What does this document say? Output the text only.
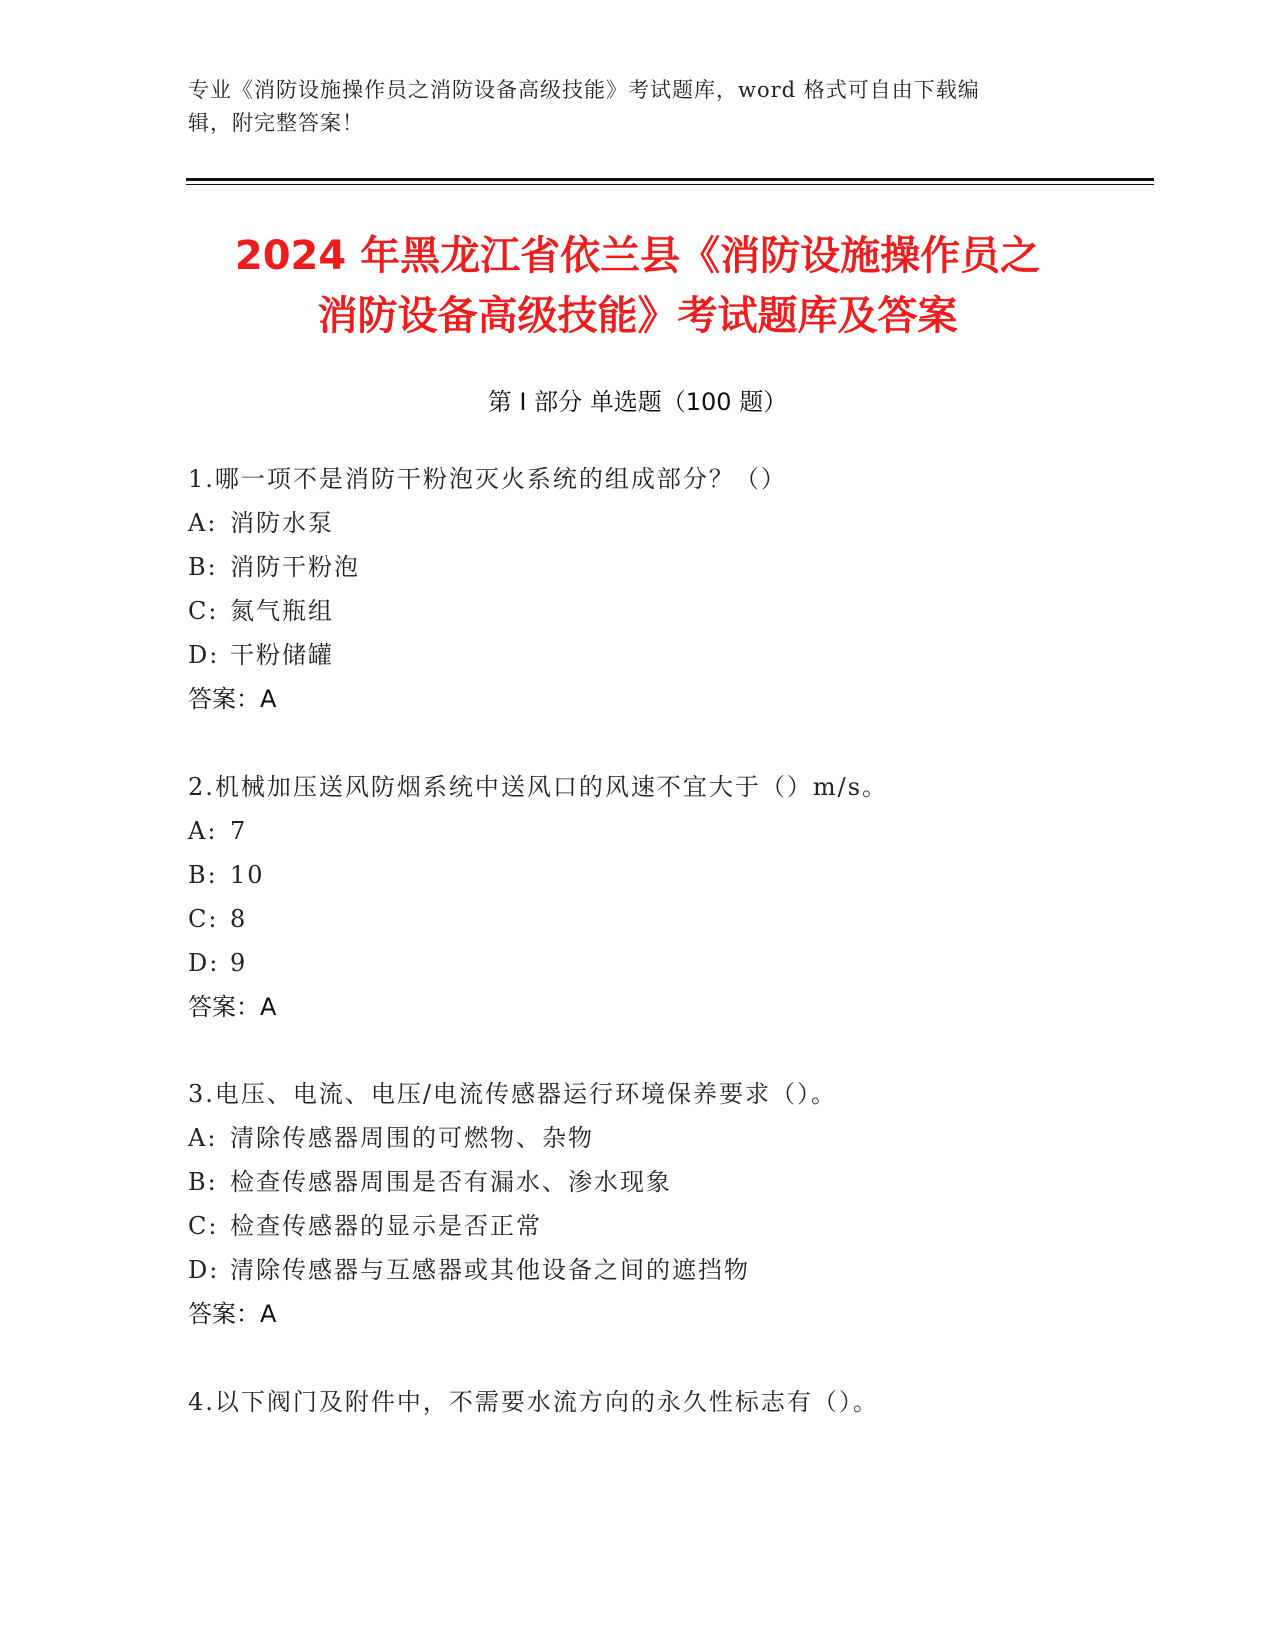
专业《消防设施操作员之消防设备高级技能》考试题库，word 格式可自由下载编
辑，附完整答案！
2024 年黑龙江省依兰县《消防设施操作员之
消防设备高级技能》考试题库及答案
第 I 部分 单选题（100 题）
1.哪一项不是消防干粉泡灭火系统的组成部分？（）
A: 消防水泵
B: 消防干粉泡
C: 氮气瓶组
D: 干粉储罐
答案：A
2.机械加压送风防烟系统中送风口的风速不宜大于（）m/s。
A: 7
B: 10
C: 8
D: 9
答案：A
3.电压、电流、电压/电流传感器运行环境保养要求（）。
A: 清除传感器周围的可燃物、杂物
B: 检查传感器周围是否有漏水、渗水现象
C: 检查传感器的显示是否正常
D: 清除传感器与互感器或其他设备之间的遮挡物
答案：A
4.以下阀门及附件中，不需要水流方向的永久性标志有（）。
